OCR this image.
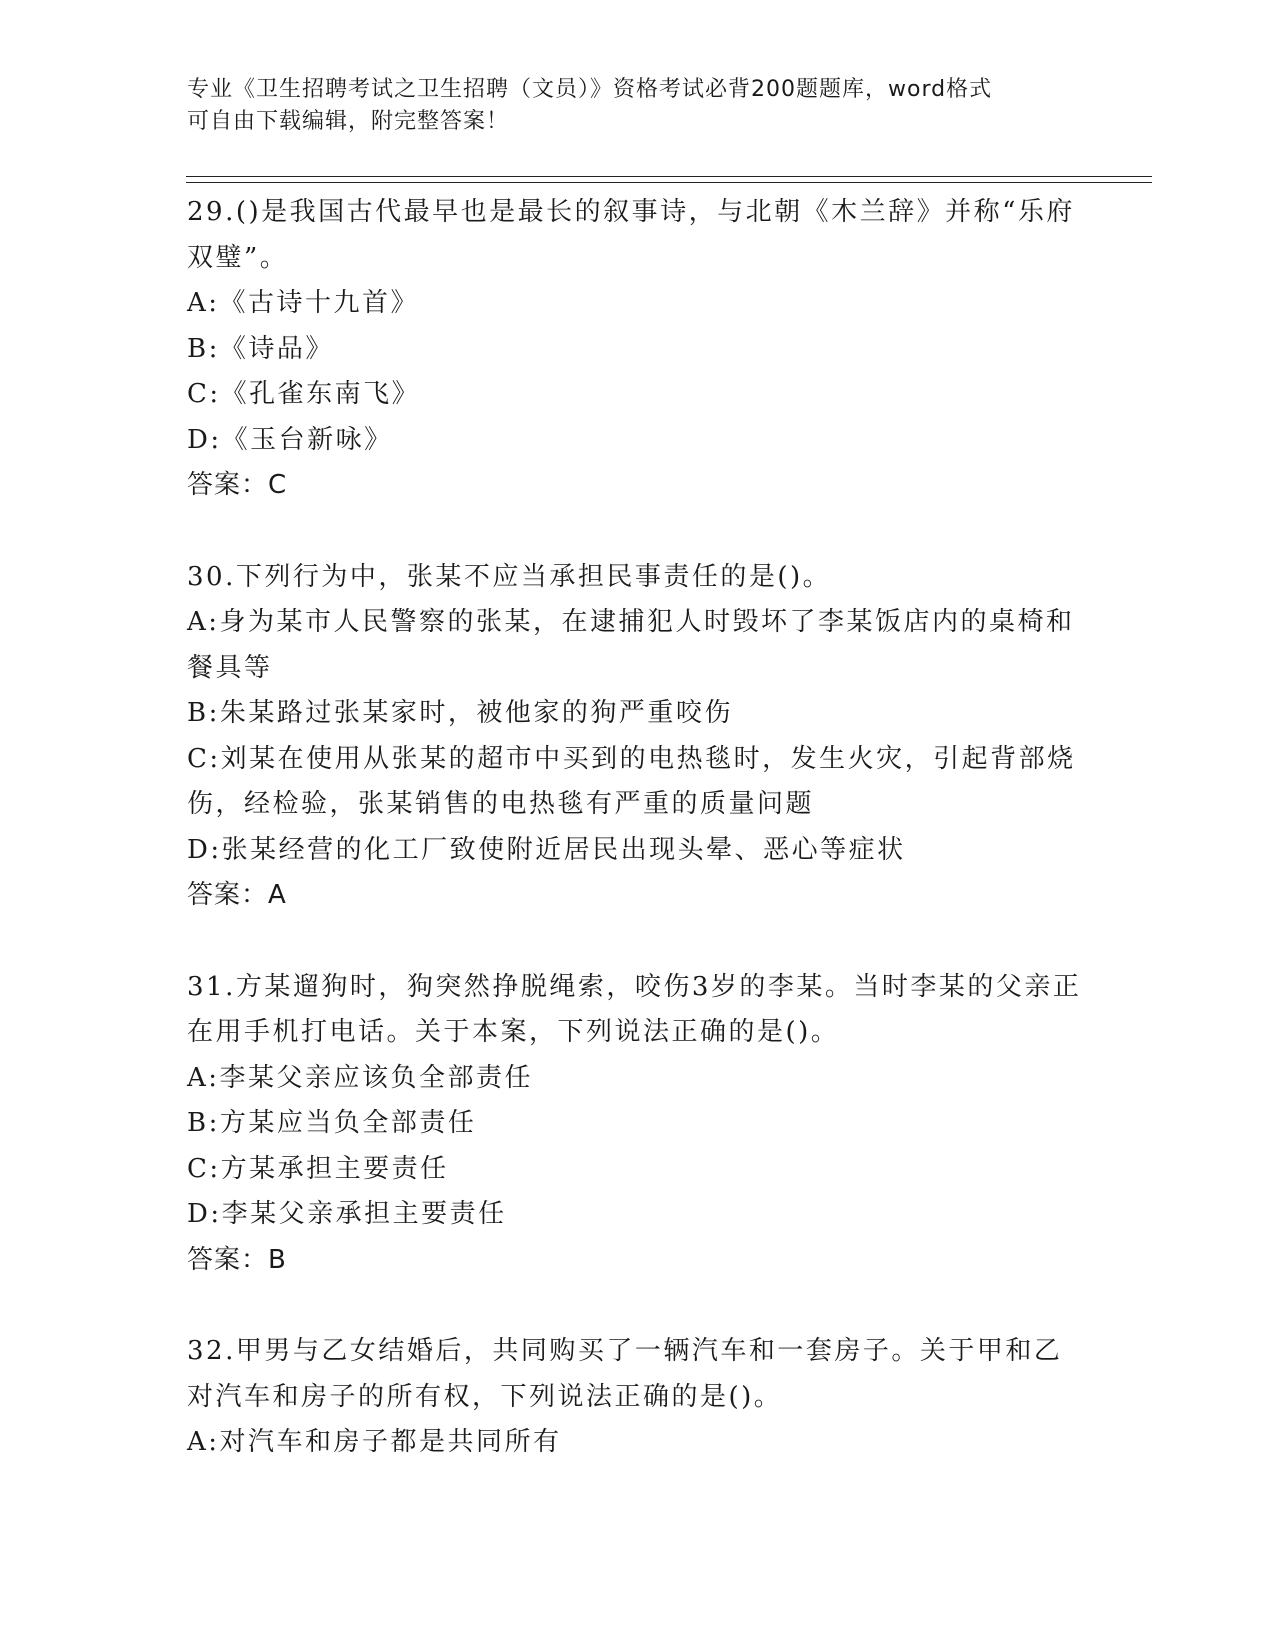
专业《卫生招聘考试之卫生招聘（文员）》资格考试必背200题题库，word格式
可自由下载编辑，附完整答案！
29.()是我国古代最早也是最长的叙事诗，与北朝《木兰辞》并称“乐府双璧”。
A:《古诗十九首》
B:《诗品》
C:《孔雀东南飞》
D:《玉台新咏》
答案：C
30.下列行为中，张某不应当承担民事责任的是()。
A:身为某市人民警察的张某，在逮捕犯人时毁坏了李某饭店内的桌椅和餐具等
B:朱某路过张某家时，被他家的狗严重咬伤
C:刘某在使用从张某的超市中买到的电热毯时，发生火灾，引起背部烧伤，经检验，张某销售的电热毯有严重的质量问题
D:张某经营的化工厂致使附近居民出现头晕、恶心等症状
答案：A
31.方某遛狗时，狗突然挣脱绳索，咬伤3岁的李某。当时李某的父亲正在用手机打电话。关于本案，下列说法正确的是()。
A:李某父亲应该负全部责任
B:方某应当负全部责任
C:方某承担主要责任
D:李某父亲承担主要责任
答案：B
32.甲男与乙女结婚后，共同购买了一辆汽车和一套房子。关于甲和乙对汽车和房子的所有权，下列说法正确的是()。
A:对汽车和房子都是共同所有
